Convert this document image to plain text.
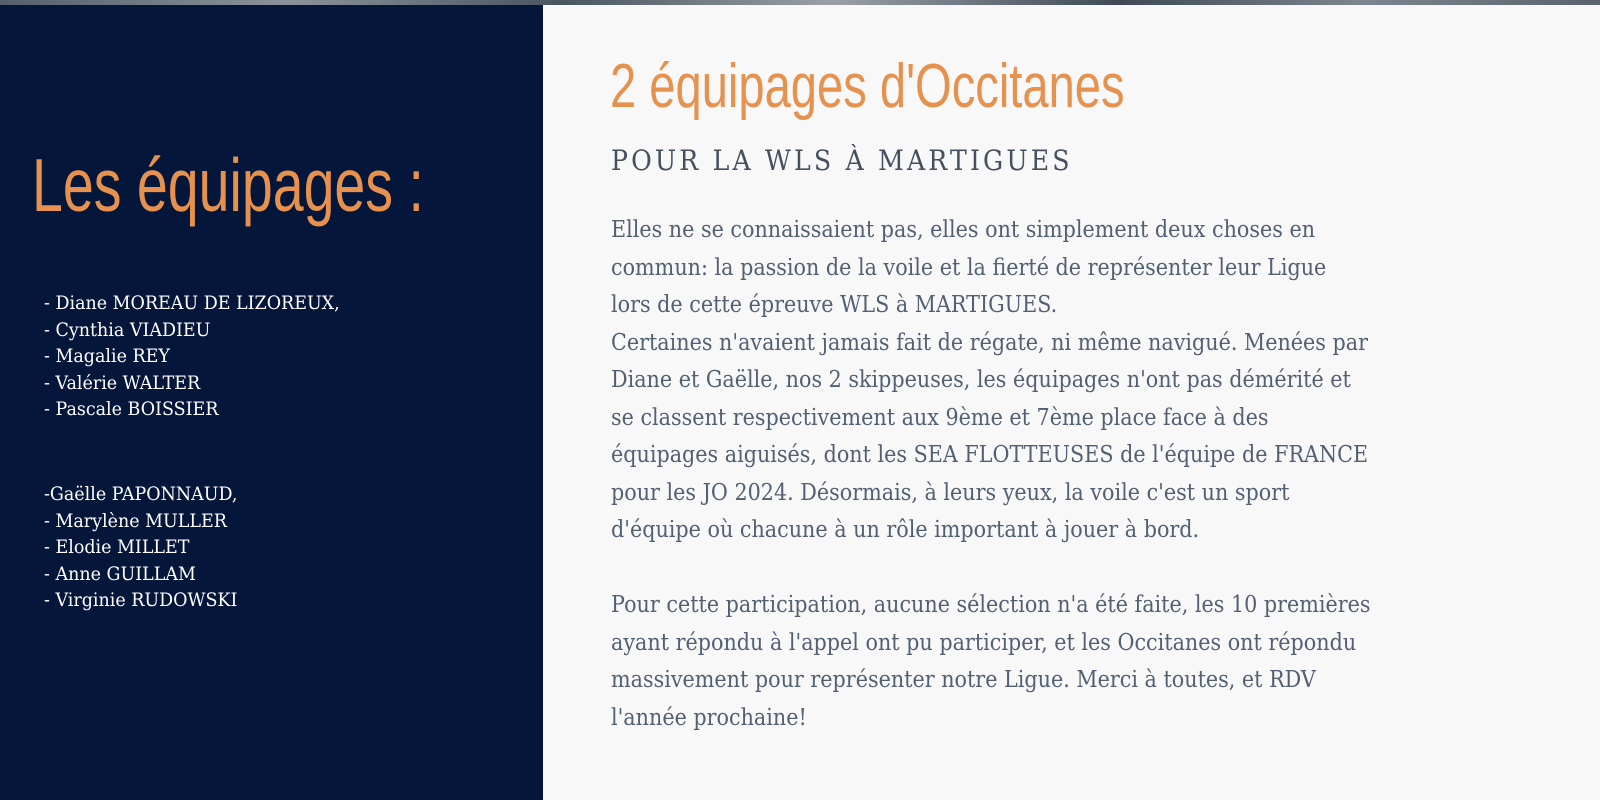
Les équipages :
- Diane MOREAU DE LIZOREUX,
- Cynthia VIADIEU
- Magalie REY
- Valérie WALTER
- Pascale BOISSIER
-Gaëlle PAPONNAUD,
- Marylène MULLER
- Elodie MILLET
- Anne GUILLAM
- Virginie RUDOWSKI
2 équipages d'Occitanes
POUR LA WLS À MARTIGUES
Elles ne se connaissaient pas, elles ont simplement deux choses en
commun: la passion de la voile et la fierté de représenter leur Ligue
lors de cette épreuve WLS à MARTIGUES.
Certaines n'avaient jamais fait de régate, ni même navigué. Menées par
Diane et Gaëlle, nos 2 skippeuses, les équipages n'ont pas démérité et
se classent respectivement aux 9ème et 7ème place face à des
équipages aiguisés, dont les SEA FLOTTEUSES de l'équipe de FRANCE
pour les JO 2024. Désormais, à leurs yeux, la voile c'est un sport
d'équipe où chacune à un rôle important à jouer à bord.
Pour cette participation, aucune sélection n'a été faite, les 10 premières
ayant répondu à l'appel ont pu participer, et les Occitanes ont répondu
massivement pour représenter notre Ligue. Merci à toutes, et RDV
l'année prochaine!
